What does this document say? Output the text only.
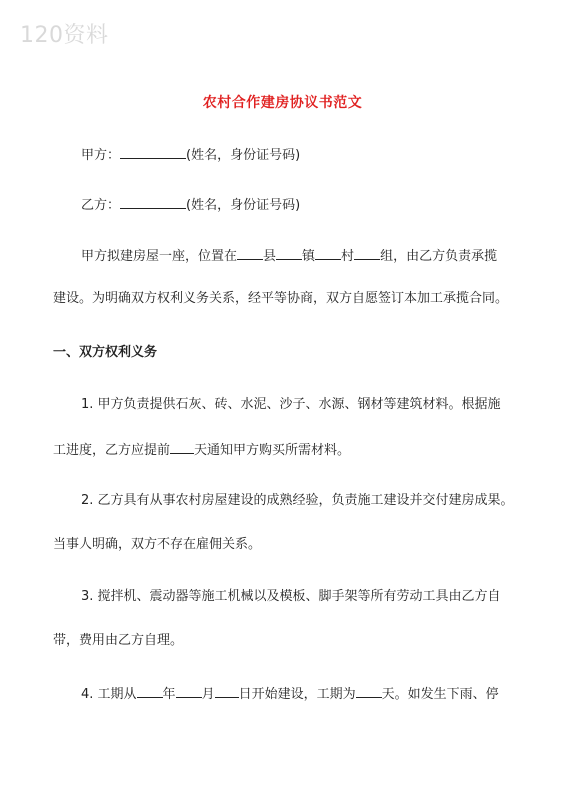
120资料
农村合作建房协议书范文
甲方：	(姓名，身份证号码)
乙方：	(姓名，身份证号码)
甲方拟建房屋一座，位置在 县 镇 村 组，由乙方负责承揽
建设。为明确双方权利义务关系，经平等协商，双方自愿签订本加工承揽合同。
一、双方权利义务
1. 甲方负责提供石灰、砖、水泥、沙子、水源、钢材等建筑材料。根据施
工进度，乙方应提前 天通知甲方购买所需材料。
2. 乙方具有从事农村房屋建设的成熟经验，负责施工建设并交付建房成果。
当事人明确，双方不存在雇佣关系。
3. 搅拌机、震动器等施工机械以及模板、脚手架等所有劳动工具由乙方自
带，费用由乙方自理。
4. 工期从 年 月 日开始建设，工期为 天。如发生下雨、停
